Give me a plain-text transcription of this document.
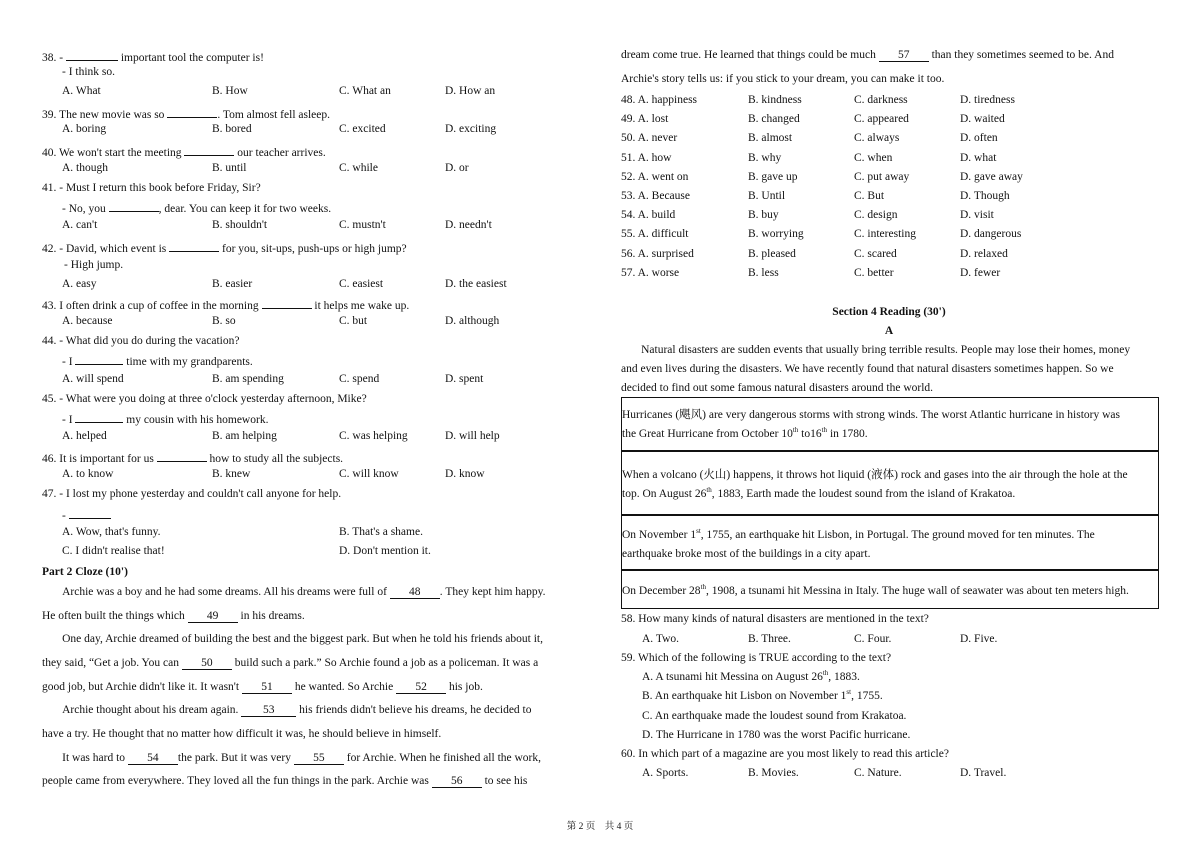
38. -	important tool the computer is!
- I think so.
A. What	B. How	C. What an	D. How an
39. The new movie was so	. Tom almost fell asleep.
A. boring	B. bored	C. excited	D. exciting
40. We won't start the meeting	our teacher arrives.
A. though	B. until	C. while	D. or
41. - Must I return this book before Friday, Sir?
- No, you	, dear. You can keep it for two weeks.
A. can't	B. shouldn't	C. mustn't	D. needn't
42. - David, which event is	for you, sit-ups, push-ups or high jump?
- High jump.
A. easy	B. easier	C. easiest	D. the easiest
43. I often drink a cup of coffee in the morning	it helps me wake up.
A. because	B. so	C. but	D. although
44. - What did you do during the vacation?
- I	time with my grandparents.
A. will spend	B. am spending	C. spend	D. spent
45. - What were you doing at three o'clock yesterday afternoon, Mike?
- I	my cousin with his homework.
A. helped	B. am helping	C. was helping	D. will help
46. It is important for us	how to study all the subjects.
A. to know	B. knew	C. will know	D. know
47. - I lost my phone yesterday and couldn't call anyone for help.
-
A. Wow, that's funny.	B. That's a shame.
C. I didn't realise that!	D. Don't mention it.
Part 2 Cloze (10')
Archie was a boy and he had some dreams. All his dreams were full of 48 . They kept him happy.
He often built the things which 49 in his dreams.
One day, Archie dreamed of building the best and the biggest park. But when he told his friends about it,
they said, “Get a job. You can 50 build such a park.” So Archie found a job as a policeman. It was a
good job, but Archie didn't like it. It wasn't 51 he wanted. So Archie 52 his job.
Archie thought about his dream again. 53 his friends didn't believe his dreams, he decided to
have a try. He thought that no matter how difficult it was, he should believe in himself.
It was hard to 54 the park. But it was very 55 for Archie. When he finished all the work,
people came from everywhere. They loved all the fun things in the park. Archie was 56 to see his
dream come true. He learned that things could be much 57 than they sometimes seemed to be. And
Archie's story tells us: if you stick to your dream, you can make it too.
48. A. happiness	B. kindness	C. darkness	D. tiredness
49. A. lost	B. changed	C. appeared	D. waited
50. A. never	B. almost	C. always	D. often
51. A. how	B. why	C. when	D. what
52. A. went on	B. gave up	C. put away	D. gave away
53. A. Because	B. Until	C. But	D. Though
54. A. build	B. buy	C. design	D. visit
55. A. difficult	B. worrying	C. interesting	D. dangerous
56. A. surprised	B. pleased	C. scared	D. relaxed
57. A. worse	B. less	C. better	D. fewer
Section 4 Reading (30')
A
Natural disasters are sudden events that usually bring terrible results. People may lose their homes, money
and even lives during the disasters. We have recently found that natural disasters sometimes happen. So we
decided to find out some famous natural disasters around the world.
Hurricanes (飓风) are very dangerous storms with strong winds. The worst Atlantic hurricane in history was
the Great Hurricane from October 10th to16th in 1780.
When a volcano (火山) happens, it throws hot liquid (液体) rock and gases into the air through the hole at the
top. On August 26th, 1883, Earth made the loudest sound from the island of Krakatoa.
On November 1st, 1755, an earthquake hit Lisbon, in Portugal. The ground moved for ten minutes. The
earthquake broke most of the buildings in a city apart.
On December 28th, 1908, a tsunami hit Messina in Italy. The huge wall of seawater was about ten meters high.
58. How many kinds of natural disasters are mentioned in the text?
A. Two.	B. Three.	C. Four.	D. Five.
59. Which of the following is TRUE according to the text?
A. A tsunami hit Messina on August 26th, 1883.
B. An earthquake hit Lisbon on November 1st, 1755.
C. An earthquake made the loudest sound from Krakatoa.
D. The Hurricane in 1780 was the worst Pacific hurricane.
60. In which part of a magazine are you most likely to read this article?
A. Sports.	B. Movies.	C. Nature.	D. Travel.
第 2 页　共 4 页
